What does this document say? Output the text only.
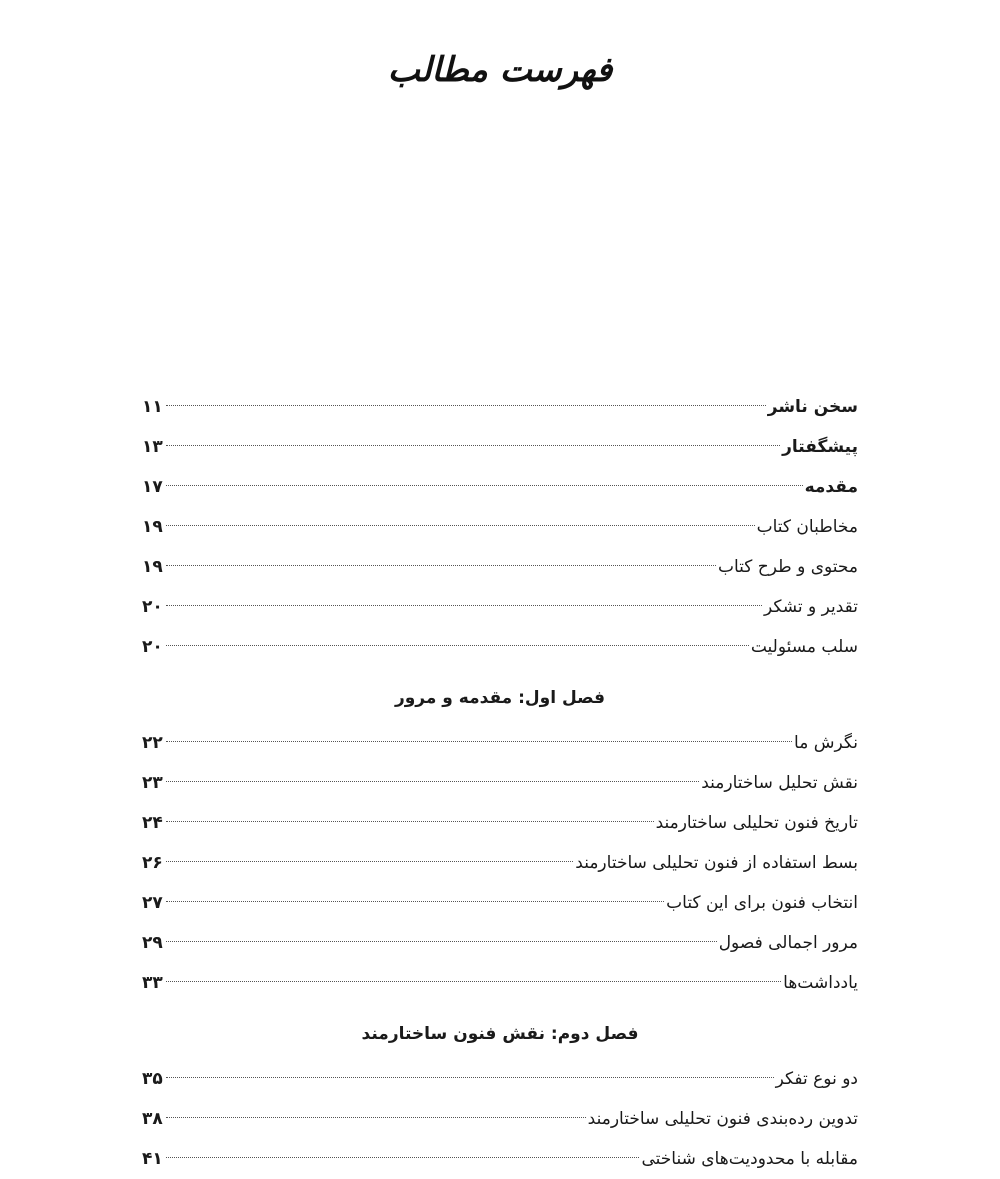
فهرست مطالب
سخن ناشر
۱۱
پیشگفتار
۱۳
مقدمه
۱۷
مخاطبان کتاب
۱۹
محتوی و طرح کتاب
۱۹
تقدیر و تشکر
۲۰
سلب مسئولیت
۲۰
فصل اول: مقدمه و مرور
نگرش ما
۲۲
نقش تحلیل ساختارمند
۲۳
تاریخ فنون تحلیلی ساختارمند
۲۴
بسط استفاده از فنون تحلیلی ساختارمند
۲۶
انتخاب فنون برای این کتاب
۲۷
مرور اجمالی فصول
۲۹
یادداشت‌ها
۳۳
فصل دوم: نقش فنون ساختارمند
دو نوع تفکر
۳۵
تدوین رده‌بندی فنون تحلیلی ساختارمند
۳۸
مقابله با محدودیت‌های شناختی
۴۱
